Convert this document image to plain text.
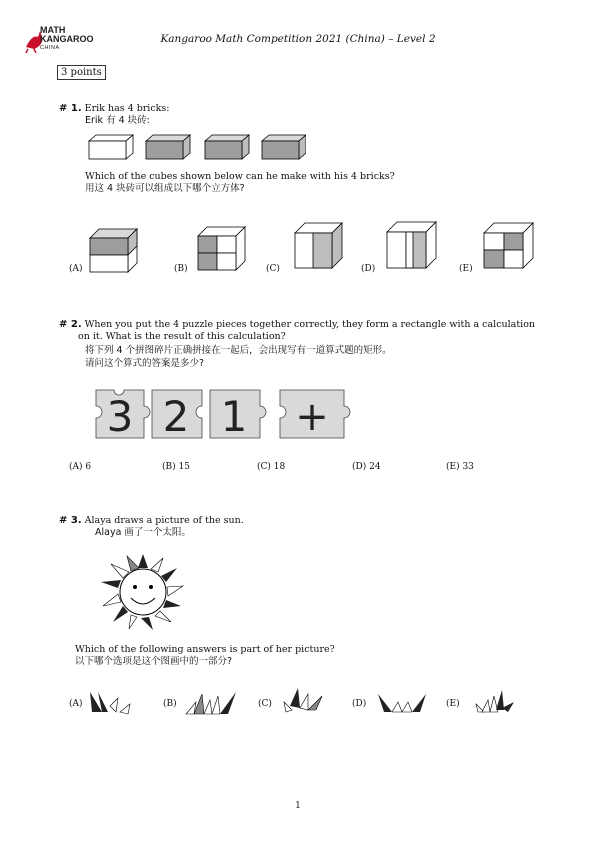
MATH
KANGAROO
CHINA
Kangaroo Math Competition 2021 (China) – Level 2
3 points
# 1. Erik has 4 bricks:
Erik 有 4 块砖:
Which of the cubes shown below can he make with his 4 bricks?
用这 4 块砖可以组成以下哪个立方体?
(A)	(B)	(C)	(D)	(E)
# 2. When you put the 4 puzzle pieces together correctly, they form a rectangle with a calculation
on it. What is the result of this calculation?
将下列 4 个拼图碎片正确拼接在一起后，会出现写有一道算式题的矩形。
请问这个算式的答案是多少?
3 2 1 +
(A) 6	(B) 15	(C) 18	(D) 24	(E) 33
# 3. Alaya draws a picture of the sun.
Alaya 画了一个太阳。
Which of the following answers is part of her picture?
以下哪个选项是这个图画中的一部分?
(A)	(B)	(C)	(D)	(E)
1
